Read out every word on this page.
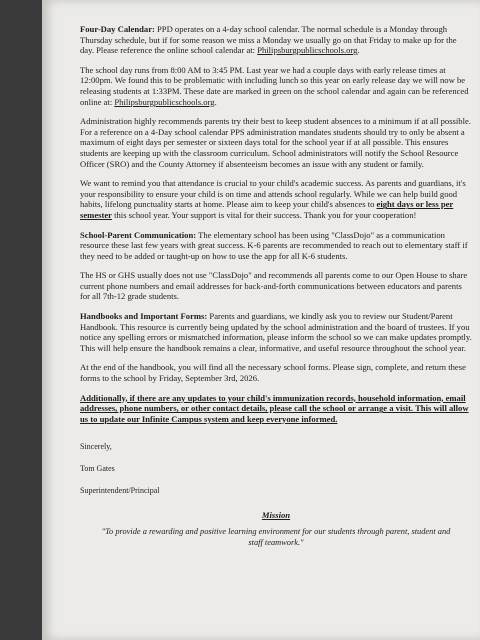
Four-Day Calendar: PPD operates on a 4-day school calendar. The normal schedule is a Monday through Thursday schedule, but if for some reason we miss a Monday we usually go on that Friday to make up for the day. Please reference the online school calendar at: Philipsburgpublicschools.org.

The school day runs from 8:00 AM to 3:45 PM. Last year we had a couple days with early release times at 12:00pm. We found this to be problematic with including lunch so this year on early release day we will now be releasing students at 1:33PM. These date are marked in green on the school calendar and again can be referenced online at: Philipsburgpublicschools.org.

Administration highly recommends parents try their best to keep student absences to a minimum if at all possible. For a reference on a 4-Day school calendar PPS administration mandates students should try to only be absent a maximum of eight days per semester or sixteen days total for the school year if at all possible. This ensures students are keeping up with the classroom curriculum. School administrators will notify the School Resource Officer (SRO) and the County Attorney if absenteeism becomes an issue with any student or family.

We want to remind you that attendance is crucial to your child's academic success. As parents and guardians, it's your responsibility to ensure your child is on time and attends school regularly. While we can help build good habits, lifelong punctuality starts at home. Please aim to keep your child's absences to eight days or less per semester this school year. Your support is vital for their success. Thank you for your cooperation!

School-Parent Communication: The elementary school has been using "ClassDojo" as a communication resource these last few years with great success. K-6 parents are recommended to reach out to elementary staff if they need to be added or taught-up on how to use the app for all K-6 students.

The HS or GHS usually does not use "ClassDojo" and recommends all parents come to our Open House to share current phone numbers and email addresses for back-and-forth communications between educators and parents for all 7th-12 grade students.

Handbooks and Important Forms: Parents and guardians, we kindly ask you to review our Student/Parent Handbook. This resource is currently being updated by the school administration and the board of trustees. If you notice any spelling errors or mismatched information, please inform the school so we can make updates promptly. This will help ensure the handbook remains a clear, informative, and useful resource throughout the school year.

At the end of the handbook, you will find all the necessary school forms. Please sign, complete, and return these forms to the school by Friday, September 3rd, 2026.

Additionally, if there are any updates to your child's immunization records, household information, email addresses, phone numbers, or other contact details, please call the school or arrange a visit. This will allow us to update our Infinite Campus system and keep everyone informed.

Sincerely,
Tom Gates
Superintendent/Principal
Mission
"To provide a rewarding and positive learning environment for our students through parent, student and staff teamwork."
